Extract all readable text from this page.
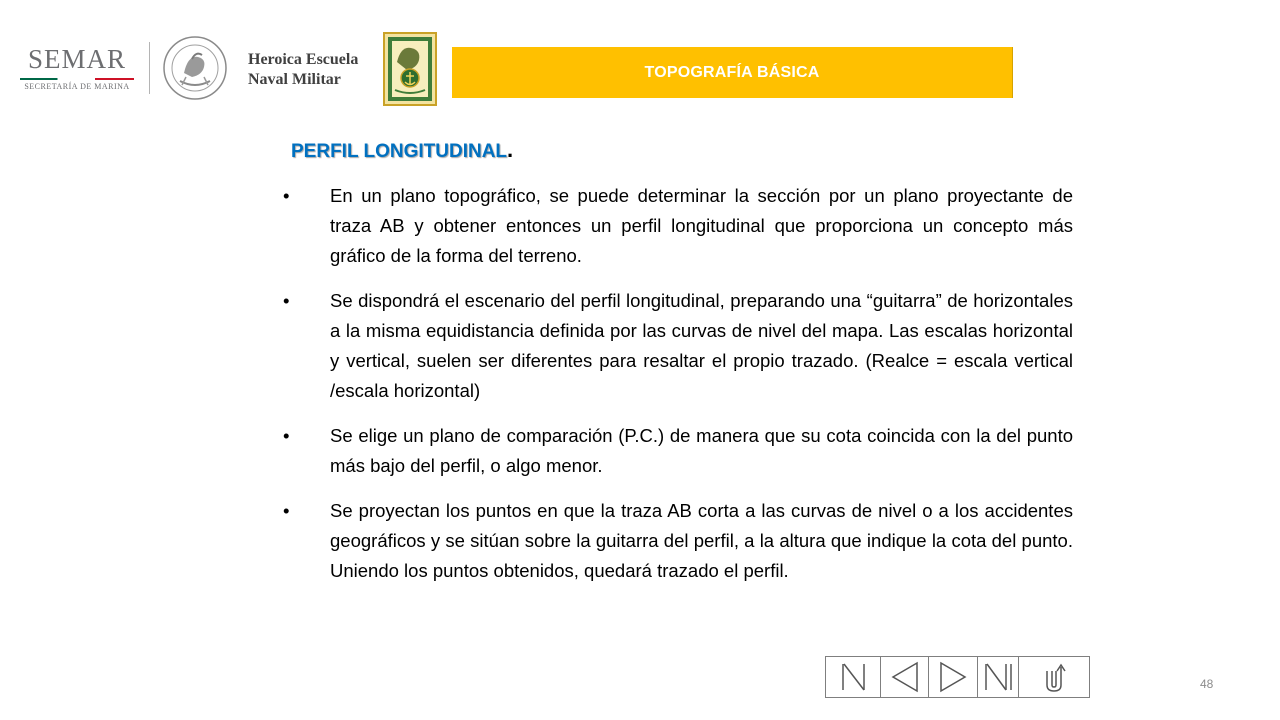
SEMAR
SECRETARÍA DE MARINA
Heroica Escuela
Naval Militar	TOPOGRAFÍA BÁSICA
PERFIL LONGITUDINAL.
• En un plano topográfico, se puede determinar la sección por un plano proyectante de traza AB y obtener entonces un perfil longitudinal que proporciona un concepto más gráfico de la forma del terreno.
• Se dispondrá el escenario del perfil longitudinal, preparando una “guitarra” de horizontales a la misma equidistancia definida por las curvas de nivel del mapa. Las escalas horizontal y vertical, suelen ser diferentes para resaltar el propio trazado. (Realce = escala vertical /escala horizontal)
• Se elige un plano de comparación (P.C.) de manera que su cota coincida con la del punto más bajo del perfil, o algo menor.
• Se proyectan los puntos en que la traza AB corta a las curvas de nivel o a los accidentes geográficos y se sitúan sobre la guitarra del perfil, a la altura que indique la cota del punto. Uniendo los puntos obtenidos, quedará trazado el perfil.
48
